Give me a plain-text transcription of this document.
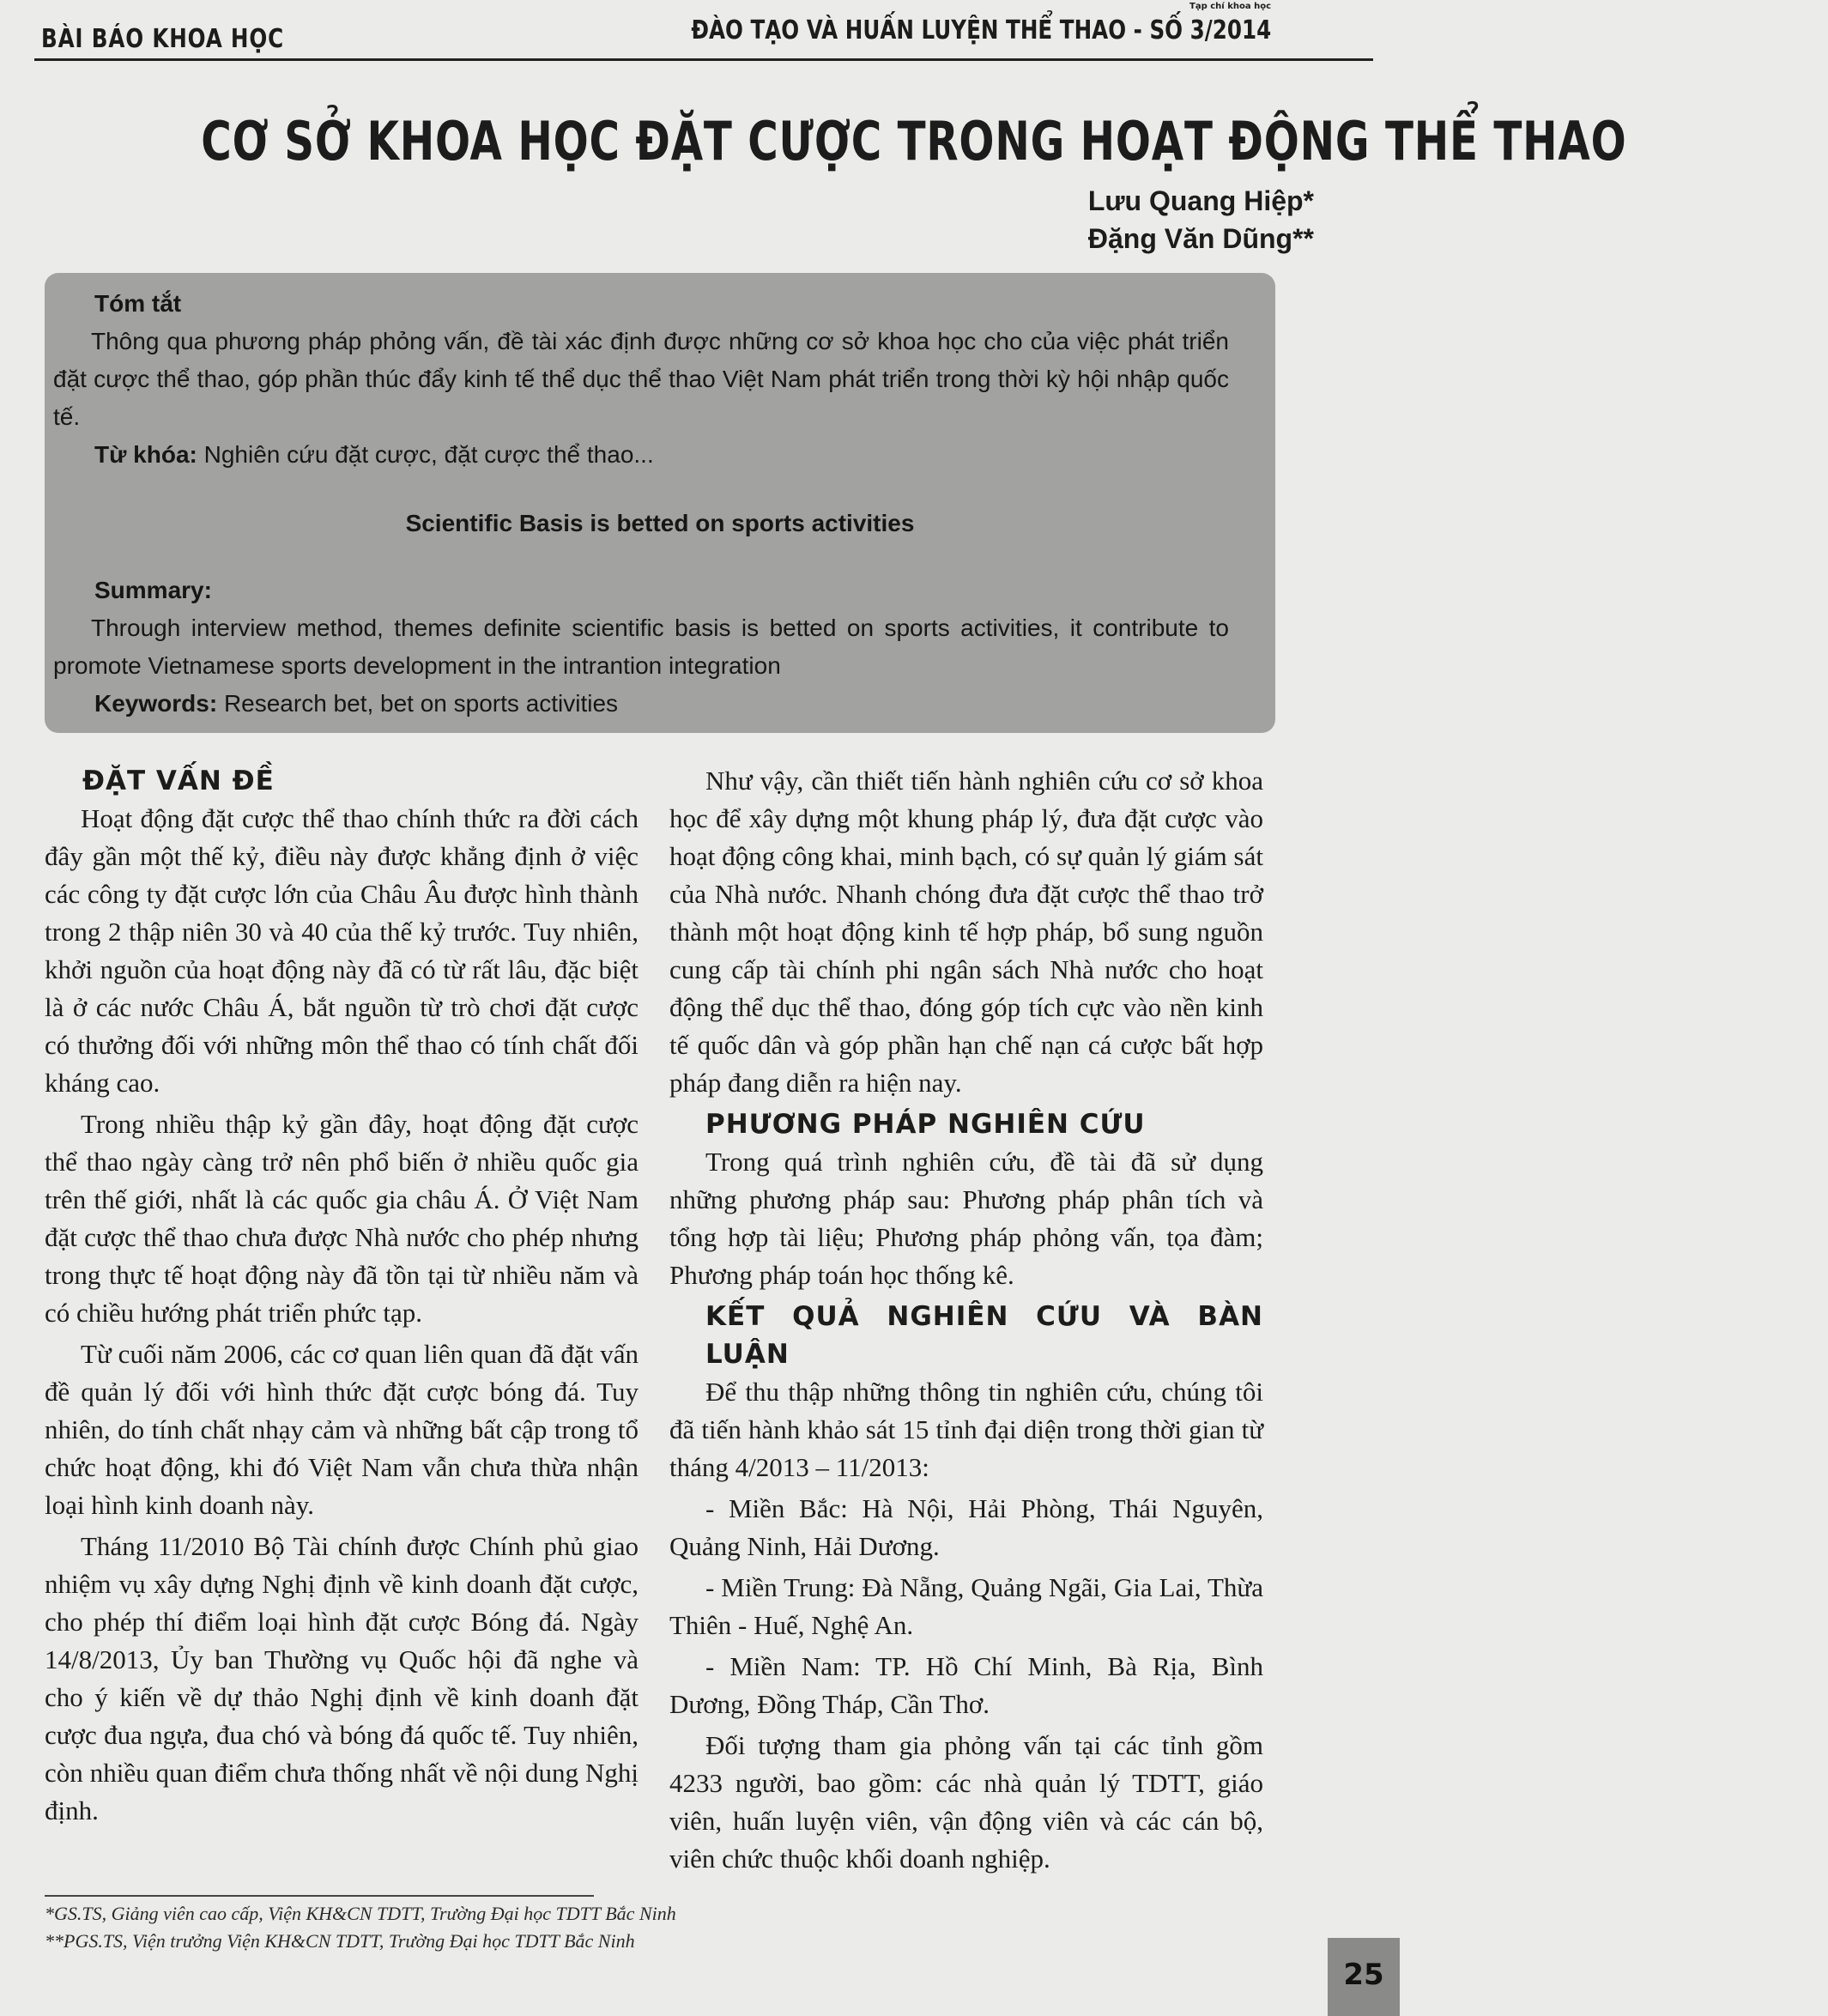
BÀI BÁO KHOA HỌC
Tạp chí khoa học
ĐÀO TẠO VÀ HUẤN LUYỆN THỂ THAO - SỐ 3/2014
CƠ SỞ KHOA HỌC ĐẶT CƯỢC TRONG HOẠT ĐỘNG THỂ THAO
Lưu Quang Hiệp*
Đặng Văn Dũng**

Tóm tắt

Thông qua phương pháp phỏng vấn, đề tài xác định được những cơ sở khoa học cho của việc phát triển đặt cược thể thao, góp phần thúc đẩy kinh tế thể dục thể thao Việt Nam phát triển trong thời kỳ hội nhập quốc tế.

Từ khóa: Nghiên cứu đặt cược, đặt cược thể thao...

Scientific Basis is betted on sports activities

Summary:

Through interview method, themes definite scientific basis is betted on sports activities, it contribute to promote Vietnamese sports development in the intrantion integration

Keywords: Research bet, bet on sports activities

ĐẶT VẤN ĐỀ

Hoạt động đặt cược thể thao chính thức ra đời cách đây gần một thế kỷ, điều này được khẳng định ở việc các công ty đặt cược lớn của Châu Âu được hình thành trong 2 thập niên 30 và 40 của thế kỷ trước. Tuy nhiên, khởi nguồn của hoạt động này đã có từ rất lâu, đặc biệt là ở các nước Châu Á, bắt nguồn từ trò chơi đặt cược có thưởng đối với những môn thể thao có tính chất đối kháng cao.

Trong nhiều thập kỷ gần đây, hoạt động đặt cược thể thao ngày càng trở nên phổ biến ở nhiều quốc gia trên thế giới, nhất là các quốc gia châu Á. Ở Việt Nam đặt cược thể thao chưa được Nhà nước cho phép nhưng trong thực tế hoạt động này đã tồn tại từ nhiều năm và có chiều hướng phát triển phức tạp.

Từ cuối năm 2006, các cơ quan liên quan đã đặt vấn đề quản lý đối với hình thức đặt cược bóng đá. Tuy nhiên, do tính chất nhạy cảm và những bất cập trong tổ chức hoạt động, khi đó Việt Nam vẫn chưa thừa nhận loại hình kinh doanh này.

Tháng 11/2010 Bộ Tài chính được Chính phủ giao nhiệm vụ xây dựng Nghị định về kinh doanh đặt cược, cho phép thí điểm loại hình đặt cược Bóng đá. Ngày 14/8/2013, Ủy ban Thường vụ Quốc hội đã nghe và cho ý kiến về dự thảo Nghị định về kinh doanh đặt cược đua ngựa, đua chó và bóng đá quốc tế. Tuy nhiên, còn nhiều quan điểm chưa thống nhất về nội dung Nghị định.

Như vậy, cần thiết tiến hành nghiên cứu cơ sở khoa học để xây dựng một khung pháp lý, đưa đặt cược vào hoạt động công khai, minh bạch, có sự quản lý giám sát của Nhà nước. Nhanh chóng đưa đặt cược thể thao trở thành một hoạt động kinh tế hợp pháp, bổ sung nguồn cung cấp tài chính phi ngân sách Nhà nước cho hoạt động thể dục thể thao, đóng góp tích cực vào nền kinh tế quốc dân và góp phần hạn chế nạn cá cược bất hợp pháp đang diễn ra hiện nay.

PHƯƠNG PHÁP NGHIÊN CỨU

Trong quá trình nghiên cứu, đề tài đã sử dụng những phương pháp sau: Phương pháp phân tích và tổng hợp tài liệu; Phương pháp phỏng vấn, tọa đàm; Phương pháp toán học thống kê.

KẾT QUẢ NGHIÊN CỨU VÀ BÀN LUẬN

Để thu thập những thông tin nghiên cứu, chúng tôi đã tiến hành khảo sát 15 tỉnh đại diện trong thời gian từ tháng 4/2013 – 11/2013:

- Miền Bắc: Hà Nội, Hải Phòng, Thái Nguyên, Quảng Ninh, Hải Dương.

- Miền Trung: Đà Nẵng, Quảng Ngãi, Gia Lai, Thừa Thiên - Huế, Nghệ An.

- Miền Nam: TP. Hồ Chí Minh, Bà Rịa, Bình Dương, Đồng Tháp, Cần Thơ.

Đối tượng tham gia phỏng vấn tại các tỉnh gồm 4233 người, bao gồm: các nhà quản lý TDTT, giáo viên, huấn luyện viên, vận động viên và các cán bộ, viên chức thuộc khối doanh nghiệp.

*GS.TS, Giảng viên cao cấp, Viện KH&CN TDTT, Trường Đại học TDTT Bắc Ninh
**PGS.TS, Viện trưởng Viện KH&CN TDTT, Trường Đại học TDTT Bắc Ninh
25
